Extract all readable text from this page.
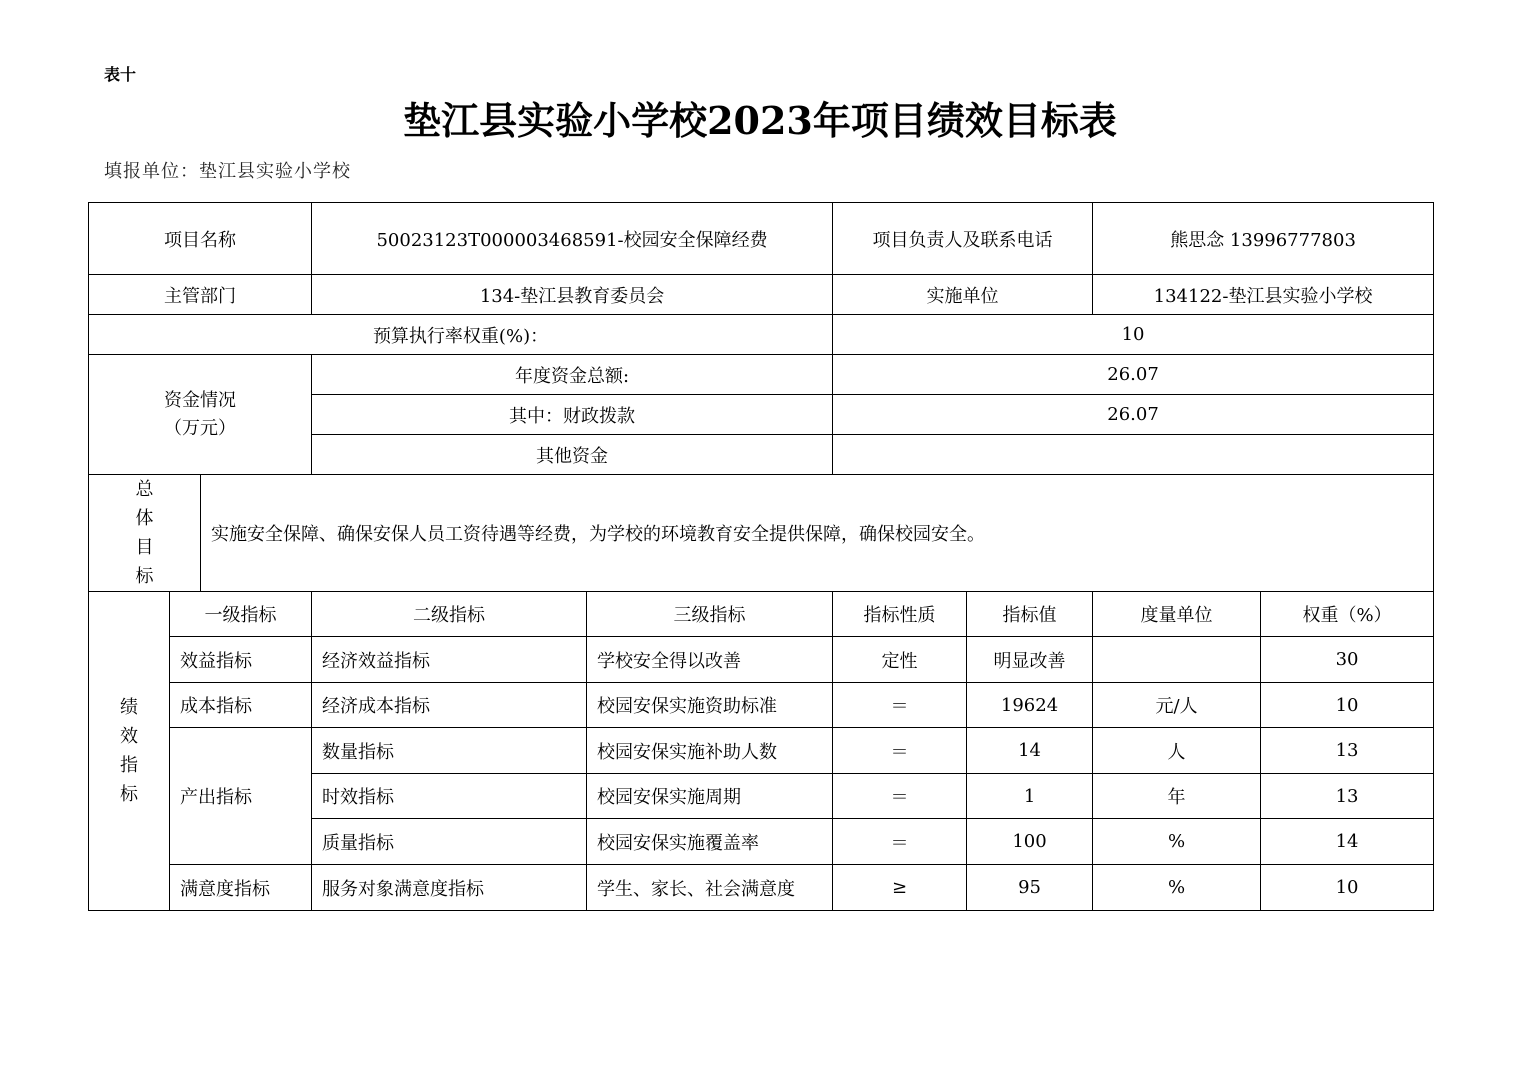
表十
垫江县实验小学校2023年项目绩效目标表
填报单位：垫江县实验小学校
项目名称			50023123T000003468591-校园安全保障经费		项目负责人及联系电话		熊思念 13996777803	
主管部门			134-垫江县教育委员会		实施单位		134122-垫江县实验小学校	
预算执行率权重(%)：					10			

资金情况
（万元）			年度资金总额:		26.07			
			其中：财政拨款		26.07			
			其他资金					

总
体
目
标		实施安全保障、确保安保人员工资待遇等经费，为学校的环境教育安全提供保障，确保校园安全。						

绩
效
指
标	一级指标		二级指标	三级指标	指标性质	指标值	度量单位	权重（%）
	效益指标		经济效益指标	学校安全得以改善	定性	明显改善		30
	成本指标		经济成本指标	校园安保实施资助标准	＝	19624	元/人	10
	产出指标		数量指标	校园安保实施补助人数	＝	14	人	13
			时效指标	校园安保实施周期	＝	1	年	13
			质量指标	校园安保实施覆盖率	＝	100	%	14
	满意度指标		服务对象满意度指标	学生、家长、社会满意度	≥	95	%	10
